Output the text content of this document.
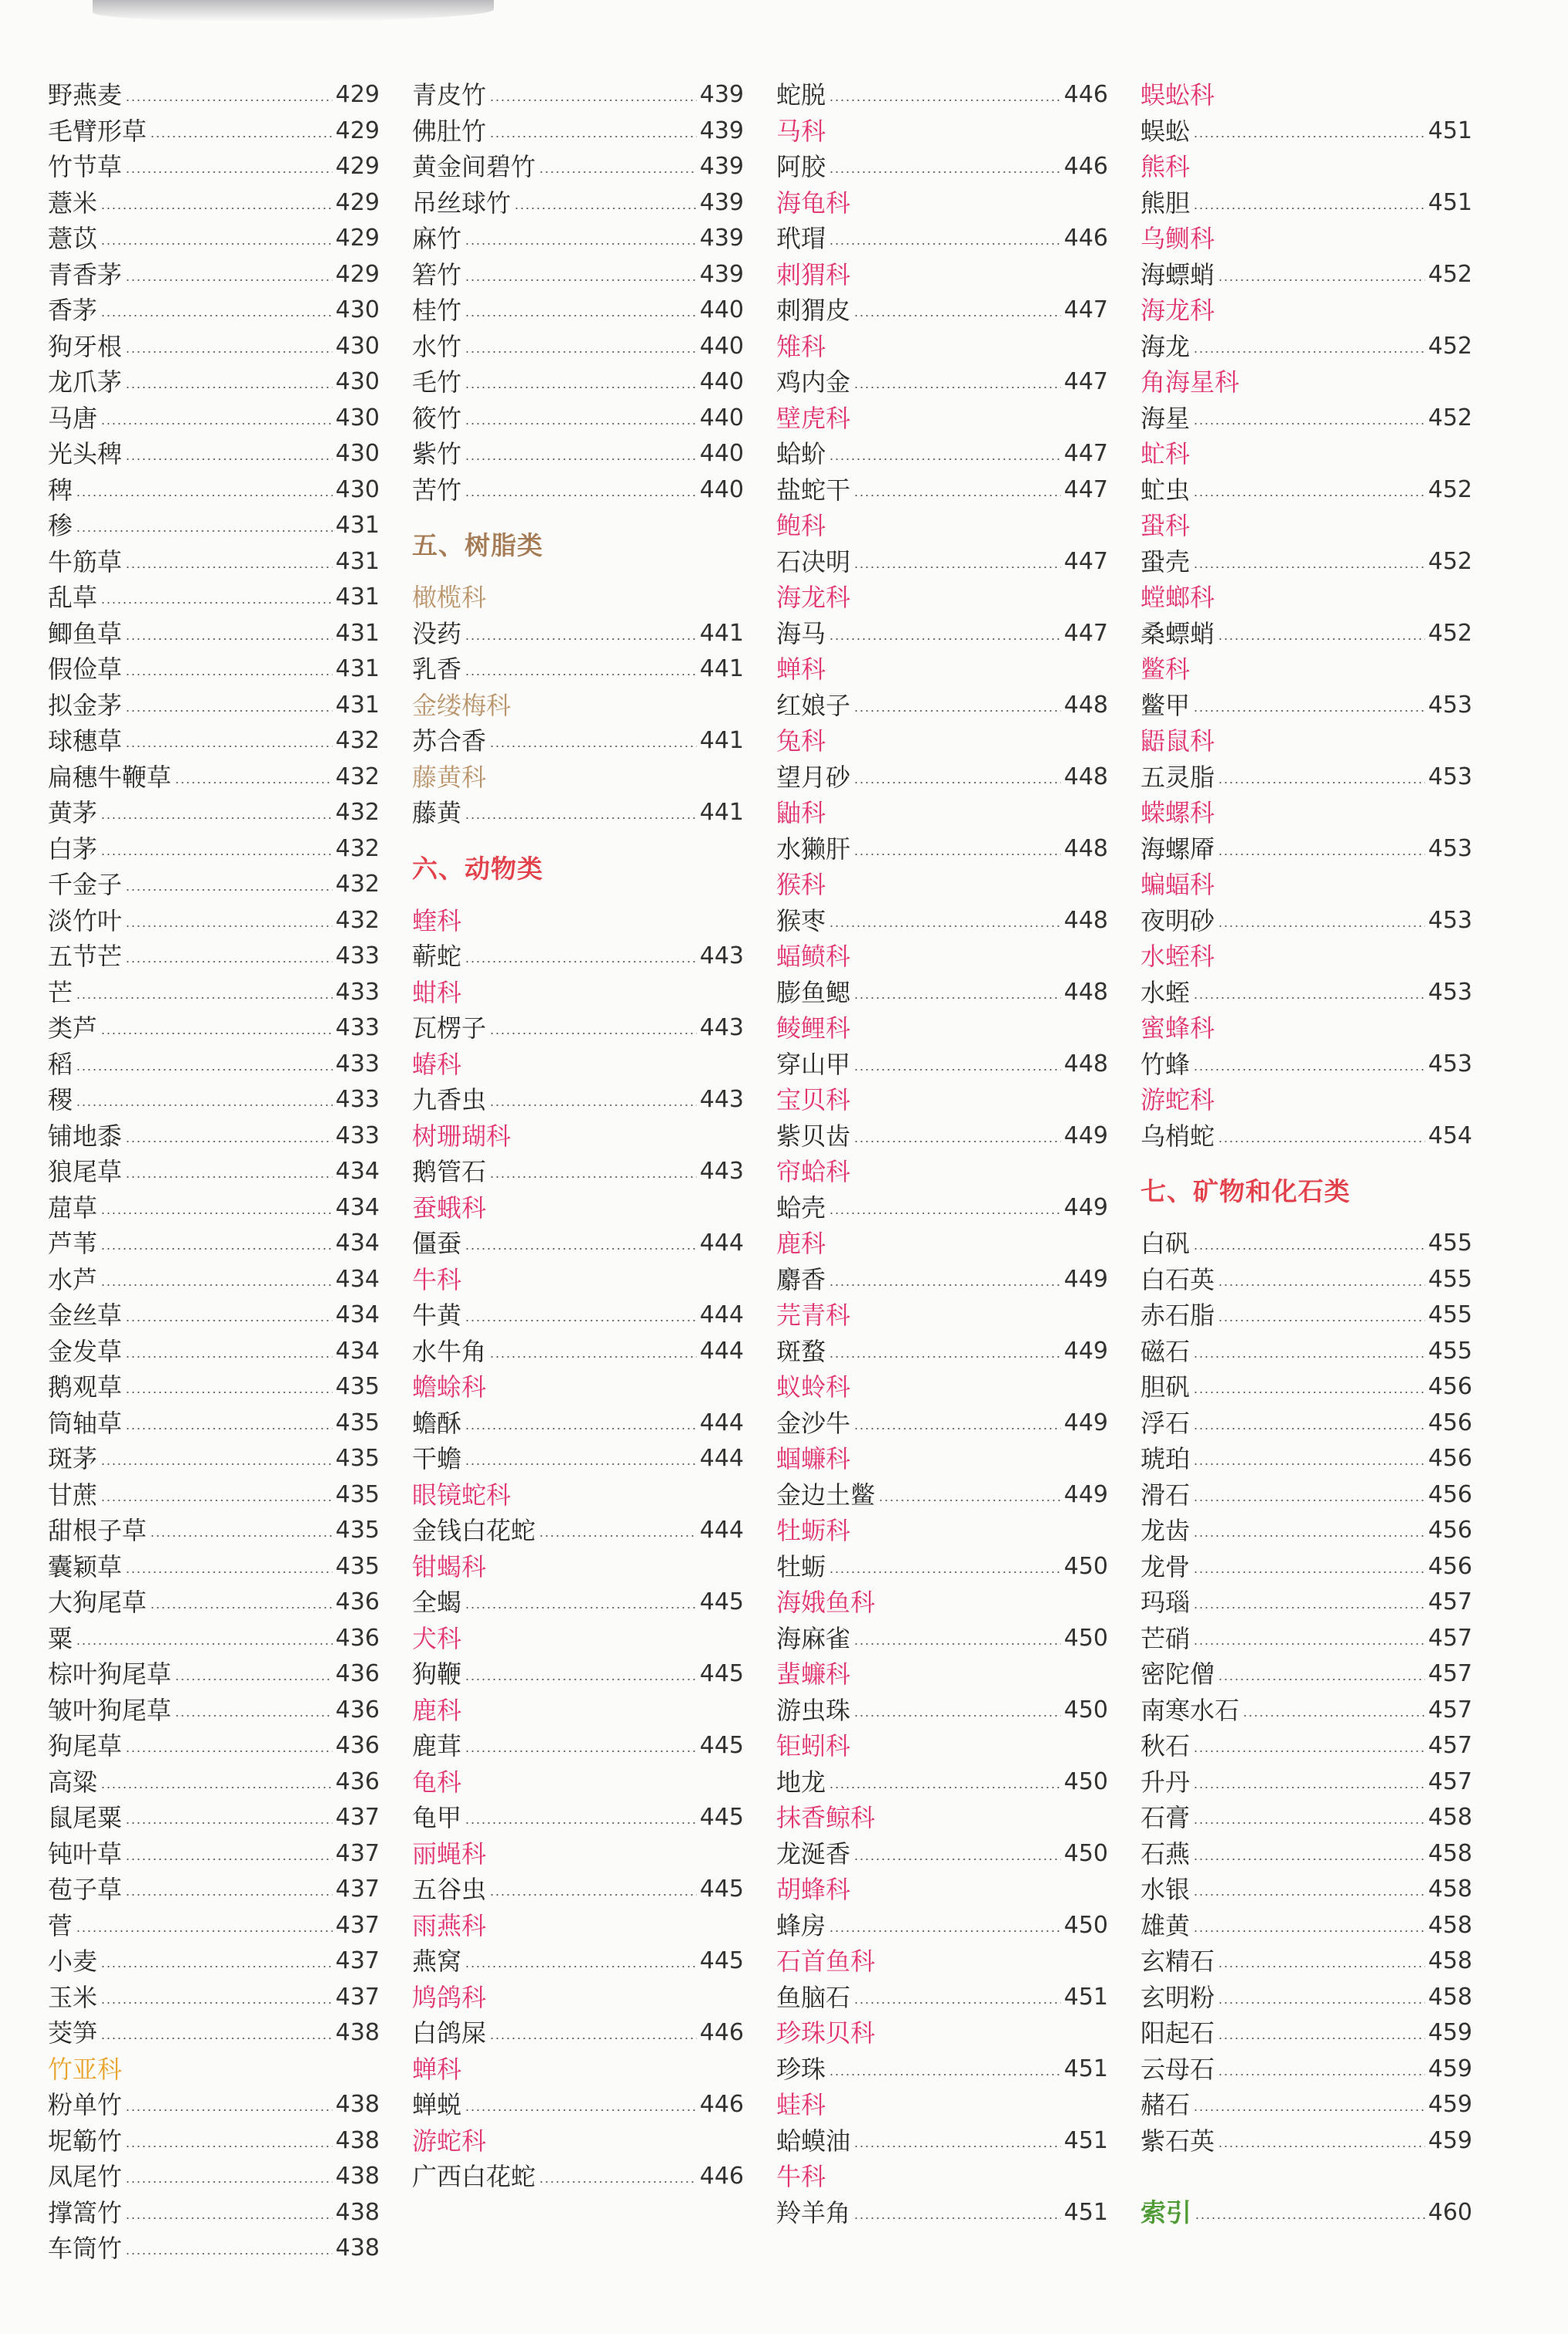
野燕麦	429
毛臂形草	429
竹节草	429
薏米	429
薏苡	429
青香茅	429
香茅	430
狗牙根	430
龙爪茅	430
马唐	430
光头稗	430
稗	430
䅟	431
牛筋草	431
乱草	431
鲫鱼草	431
假俭草	431
拟金茅	431
球穗草	432
扁穗牛鞭草	432
黄茅	432
白茅	432
千金子	432
淡竹叶	432
五节芒	433
芒	433
类芦	433
稻	433
稷	433
铺地黍	433
狼尾草	434
䓛草	434
芦苇	434
水芦	434
金丝草	434
金发草	434
鹅观草	435
筒轴草	435
斑茅	435
甘蔗	435
甜根子草	435
囊颖草	435
大狗尾草	436
粟	436
棕叶狗尾草	436
皱叶狗尾草	436
狗尾草	436
高粱	436
鼠尾粟	437
钝叶草	437
苞子草	437
菅	437
小麦	437
玉米	437
茭笋	438
竹亚科
粉单竹	438
坭簕竹	438
凤尾竹	438
撑篙竹	438
车筒竹	438
青皮竹	439
佛肚竹	439
黄金间碧竹	439
吊丝球竹	439
麻竹	439
箬竹	439
桂竹	440
水竹	440
毛竹	440
筱竹	440
紫竹	440
苦竹	440
五、树脂类
橄榄科
没药	441
乳香	441
金缕梅科
苏合香	441
藤黄科
藤黄	441
六、动物类
蝰科
蕲蛇	443
蚶科
瓦楞子	443
蝽科
九香虫	443
树珊瑚科
鹅管石	443
蚕蛾科
僵蚕	444
牛科
牛黄	444
水牛角	444
蟾蜍科
蟾酥	444
干蟾	444
眼镜蛇科
金钱白花蛇	444
钳蝎科
全蝎	445
犬科
狗鞭	445
鹿科
鹿茸	445
龟科
龟甲	445
丽蝇科
五谷虫	445
雨燕科
燕窝	445
鸠鸽科
白鸽屎	446
蝉科
蝉蜕	446
游蛇科
广西白花蛇	446
蛇脱	446
马科
阿胶	446
海龟科
玳瑁	446
刺猬科
刺猬皮	447
雉科
鸡内金	447
壁虎科
蛤蚧	447
盐蛇干	447
鲍科
石决明	447
海龙科
海马	447
蝉科
红娘子	448
兔科
望月砂	448
鼬科
水獭肝	448
猴科
猴枣	448
蝠鲼科
膨鱼鳃	448
鲮鲤科
穿山甲	448
宝贝科
紫贝齿	449
帘蛤科
蛤壳	449
鹿科
麝香	449
芫青科
斑蝥	449
蚁蛉科
金沙牛	449
蝈蠊科
金边土鳖	449
牡蛎科
牡蛎	450
海娥鱼科
海麻雀	450
蜚蠊科
游虫珠	450
钜蚓科
地龙	450
抹香鲸科
龙涎香	450
胡蜂科
蜂房	450
石首鱼科
鱼脑石	451
珍珠贝科
珍珠	451
蛙科
蛤蟆油	451
牛科
羚羊角	451
蜈蚣科
蜈蚣	451
熊科
熊胆	451
乌鲗科
海螵蛸	452
海龙科
海龙	452
角海星科
海星	452
虻科
虻虫	452
蛩科
蛩壳	452
螳螂科
桑螵蛸	452
鳖科
鳖甲	453
鼯鼠科
五灵脂	453
蝾螺科
海螺厣	453
蝙蝠科
夜明砂	453
水蛭科
水蛭	453
蜜蜂科
竹蜂	453
游蛇科
乌梢蛇	454
七、矿物和化石类
白矾	455
白石英	455
赤石脂	455
磁石	455
胆矾	456
浮石	456
琥珀	456
滑石	456
龙齿	456
龙骨	456
玛瑙	457
芒硝	457
密陀僧	457
南寒水石	457
秋石	457
升丹	457
石膏	458
石燕	458
水银	458
雄黄	458
玄精石	458
玄明粉	458
阳起石	459
云母石	459
赭石	459
紫石英	459
索引	460
